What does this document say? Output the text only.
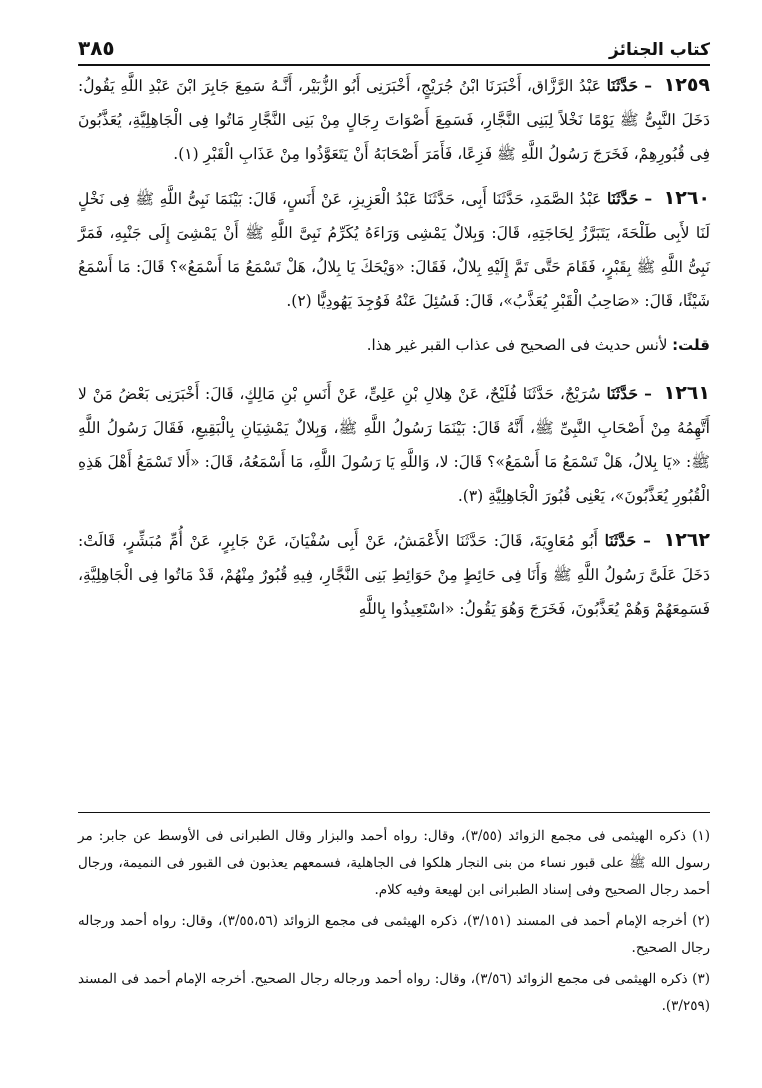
كتاب الجنائز
٣٨٥

١٢٥٩ – حَدَّثَنَا عَبْدُ الرَّزَّاق، أَخْبَرَنَا ابْنُ جُرَيْجٍ، أَخْبَرَنِى أَبُو الزُّبَيْر، أَنَّـهُ سَمِعَ جَابِرَ ابْنَ عَبْدِ اللَّهِ يَقُولُ: دَخَلَ النَّبِىُّ ﷺ يَوْمًا نَخْلاً لِبَنِى النَّجَّارِ، فَسَمِعَ أَصْوَاتَ رِجَالٍ مِنْ بَنِى النَّجَّارِ مَاتُوا فِى الْجَاهِلِيَّةِ، يُعَذَّبُونَ فِى قُبُورِهِمْ، فَخَرَجَ رَسُولُ اللَّهِ ﷺ فَزِعًا، فَأَمَرَ أَصْحَابَهُ أَنْ يَتَعَوَّذُوا مِنْ عَذَابِ الْقَبْرِ (١).

١٢٦٠ – حَدَّثَنَا عَبْدُ الصَّمَدِ، حَدَّثَنَا أَبِى، حَدَّثَنَا عَبْدُ الْعَزِيزِ، عَنْ أَنَسٍ، قَالَ: بَيْنَمَا نَبِىُّ اللَّهِ ﷺ فِى نَخْلٍ لَنَا لأَبِى طَلْحَةَ، يَتَبَرَّزُ لِحَاجَتِهِ، قَالَ: وَبِلالٌ يَمْشِى وَرَاءَهُ يُكَرِّمُ نَبِىَّ اللَّهِ ﷺ أَنْ يَمْشِىَ إِلَى جَنْبِهِ، فَمَرَّ نَبِىُّ اللَّهِ ﷺ بِقَبْرٍ، فَقَامَ حَتَّى تَمَّ إِلَيْهِ بِلالٌ، فَقَالَ: «وَيْحَكَ يَا بِلالُ، هَلْ تَسْمَعُ مَا أَسْمَعُ»؟ قَالَ: مَا أَسْمَعُ شَيْئًا، قَالَ: «صَاحِبُ الْقَبْرِ يُعَذَّبُ»، قَالَ: فَسُئِلَ عَنْهُ فَوُجِدَ يَهُودِيًّا (٢).

قلت: لأنس حديث فى الصحيح فى عذاب القبر غير هذا.

١٢٦١ – حَدَّثَنَا سُرَيْجٌ، حَدَّثَنَا فُلَيْحٌ، عَنْ هِلالِ بْنِ عَلِىٍّ، عَنْ أَنَسِ بْنِ مَالِكٍ، قَالَ: أَخْبَرَنِى بَعْضُ مَنْ لا أَتَّهِمُهُ مِنْ أَصْحَابِ النَّبِىِّ ﷺ، أَنَّهُ قَالَ: بَيْنَمَا رَسُولُ اللَّهِ ﷺ، وَبِلالٌ يَمْشِيَانِ بِالْبَقِيعِ، فَقَالَ رَسُولُ اللَّهِ ﷺ: «يَا بِلالُ، هَلْ تَسْمَعُ مَا أَسْمَعُ»؟ قَالَ: لا، وَاللَّهِ يَا رَسُولَ اللَّهِ، مَا أَسْمَعُهُ، قَالَ: «أَلا تَسْمَعُ أَهْلَ هَذِهِ الْقُبُورِ يُعَذَّبُونَ»، يَعْنِى قُبُورَ الْجَاهِلِيَّةِ (٣).

١٢٦٢ – حَدَّثَنَا أَبُو مُعَاوِيَةَ، قَالَ: حَدَّثَنَا الأَعْمَشُ، عَنْ أَبِى سُفْيَانَ، عَنْ جَابِرٍ، عَنْ أُمِّ مُبَشِّرٍ، قَالَتْ: دَخَلَ عَلَىَّ رَسُولُ اللَّهِ ﷺ وَأَنَا فِى حَائِطٍ مِنْ حَوَائِطِ بَنِى النَّجَّارِ، فِيهِ قُبُورٌ مِنْهُمْ، قَدْ مَاتُوا فِى الْجَاهِلِيَّةِ، فَسَمِعَهُمْ وَهُمْ يُعَذَّبُونَ، فَخَرَجَ وَهُوَ يَقُولُ: «اسْتَعِيذُوا بِاللَّهِ

(١) ذكره الهيثمى فى مجمع الزوائد (٣/٥٥)، وقال: رواه أحمد والبزار وقال الطبرانى فى الأوسط عن جابر: مر رسول الله ﷺ على قبور نساء من بنى النجار هلكوا فى الجاهلية، فسمعهم يعذبون فى القبور فى النميمة، ورجال أحمد رجال الصحيح وفى إسناد الطبرانى ابن لهيعة وفيه كلام.

(٢) أخرجه الإمام أحمد فى المسند (٣/١٥١)، ذكره الهيثمى فى مجمع الزوائد (٣/٥٥،٥٦)، وقال: رواه أحمد ورجاله رجال الصحيح.

(٣) ذكره الهيثمى فى مجمع الزوائد (٣/٥٦)، وقال: رواه أحمد ورجاله رجال الصحيح. أخرجه الإمام أحمد فى المسند (٣/٢٥٩).
